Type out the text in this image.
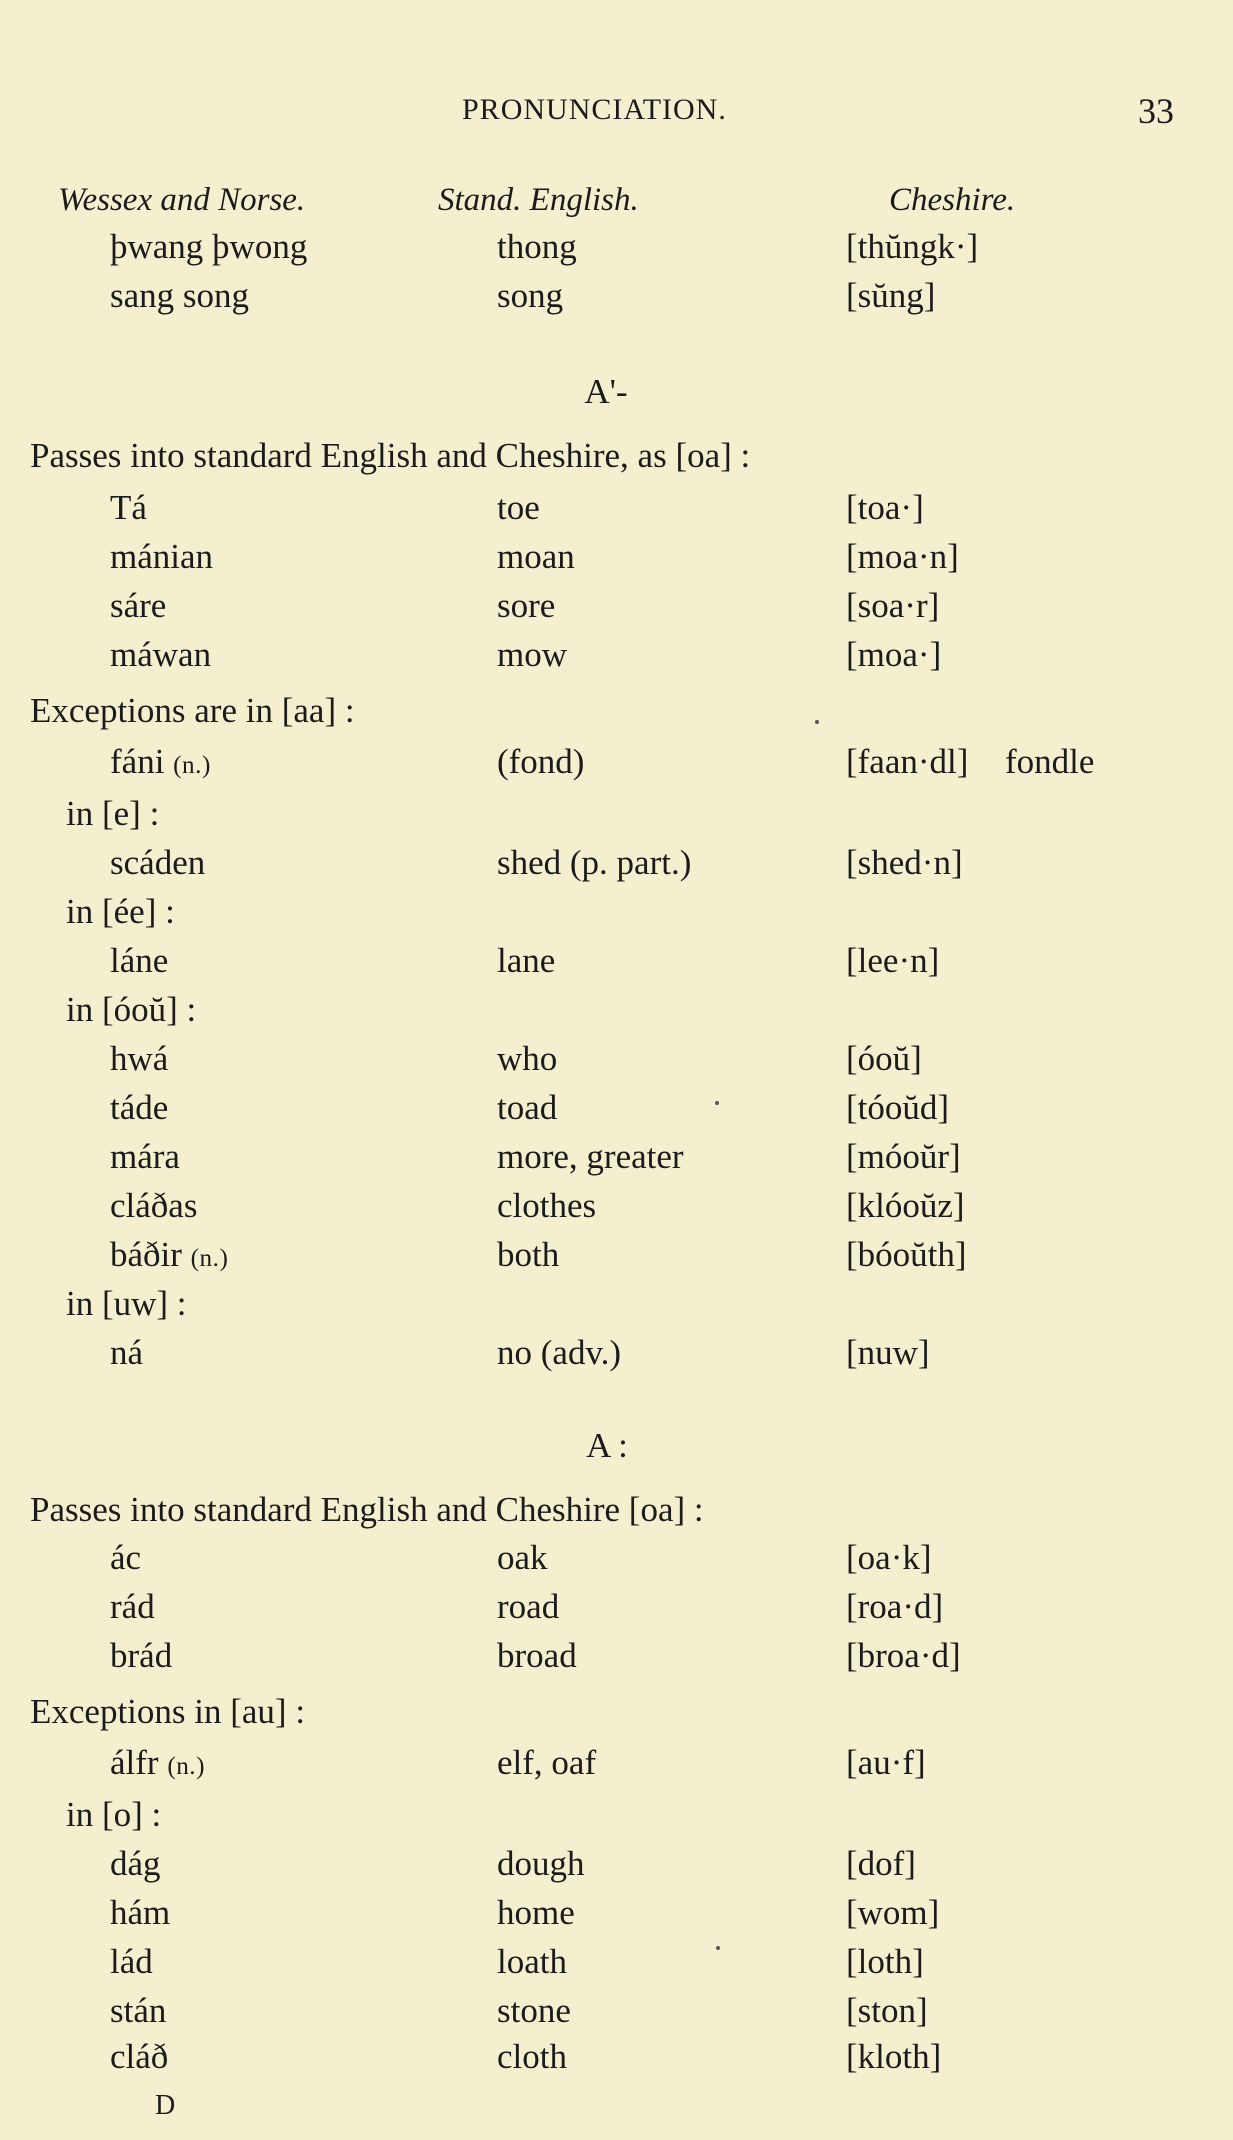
PRONUNCIATION.	33
Wessex and Norse.	Stand. English.	Cheshire.
þwang þwong	thong	[thŭngk·]
sang song	song	[sŭng]
A'-
Passes into standard English and Cheshire, as [oa] :
Tá	toe	[toa·]
mánian	moan	[moa·n]
sáre	sore	[soa·r]
máwan	mow	[moa·]
Exceptions are in [aa] :
fáni (n.)	(fond)	[faan·dl] fondle
in [e] :
scáden	shed (p. part.)	[shed·n]
in [ée] :
láne	lane	[lee·n]
in [óoŭ] :
hwá	who	[óoŭ]
táde	toad	[tóoŭd]
mára	more, greater	[móoŭr]
cláðas	clothes	[klóoŭz]
báðir (n.)	both	[bóoŭth]
in [uw] :
ná	no (adv.)	[nuw]
A :
Passes into standard English and Cheshire [oa] :
ác	oak	[oa·k]
rád	road	[roa·d]
brád	broad	[broa·d]
Exceptions in [au] :
álfr (n.)	elf, oaf	[au·f]
in [o] :
dág	dough	[dof]
hám	home	[wom]
lád	loath	[loth]
stán	stone	[ston]
cláð	cloth	[kloth]
D
